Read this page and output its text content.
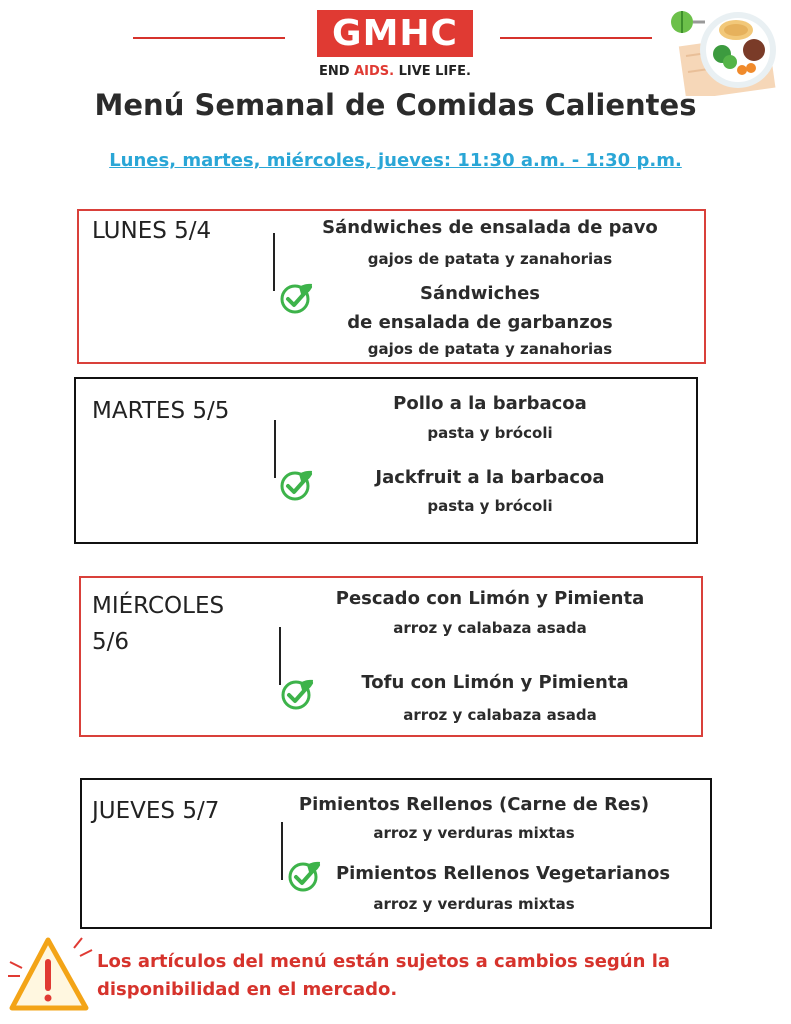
GMHC
END AIDS. LIVE LIFE.
Menú Semanal de Comidas Calientes
Lunes, martes, miércoles, jueves: 11:30 a.m. - 1:30 p.m.
LUNES 5/4	Sándwiches de ensalada de pavo
gajos de patata y zanahorias
Sándwiches
de ensalada de garbanzos
gajos de patata y zanahorias
MARTES 5/5	Pollo a la barbacoa
pasta y brócoli
Jackfruit a la barbacoa
pasta y brócoli
MIÉRCOLES
5/6
Pescado con Limón y Pimienta
arroz y calabaza asada
Tofu con Limón y Pimienta
arroz y calabaza asada
JUEVES 5/7	Pimientos Rellenos (Carne de Res)
arroz y verduras mixtas
Pimientos Rellenos Vegetarianos
arroz y verduras mixtas
Los artículos del menú están sujetos a cambios según la disponibilidad en el mercado.
